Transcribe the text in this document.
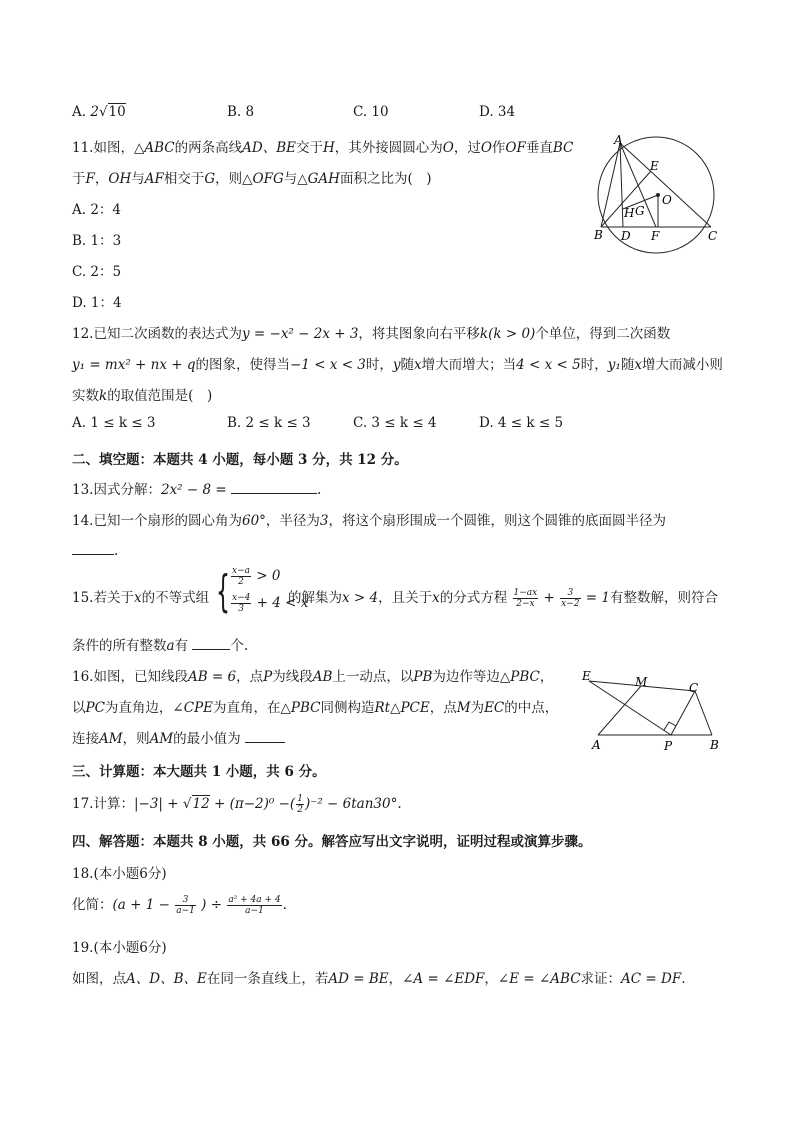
A. 2√10	B. 8	C. 10	D. 34
11.如图，△ABC的两条高线AD、BE交于H，其外接圆圆心为O，过O作OF垂直BC
于F，OH与AF相交于G，则△OFG与△GAH面积之比为(　)
A. 2：4
B. 1：3
C. 2：5
D. 1：4
A
E
O
H G
B D F	C
12.已知二次函数的表达式为y = −x² − 2x + 3，将其图象向右平移k(k > 0)个单位，得到二次函数
y₁ = mx² + nx + q的图象，使得当−1 < x < 3时，y随x增大而增大；当4 < x < 5时，y₁随x增大而减小则
实数k的取值范围是(　)
A. 1 ≤ k ≤ 3	B. 2 ≤ k ≤ 3	C. 3 ≤ k ≤ 4	D. 4 ≤ k ≤ 5
二、填空题：本题共 4 小题，每小题 3 分，共 12 分。
13.因式分解：2x² − 8 =	.
14.已知一个扇形的圆心角为60°，半径为3，将这个扇形围成一个圆锥，则这个圆锥的底面圆半径为
.
15.若关于x的不等式组 { $\frac{x-a}{2} > 0$
$\frac{x-4}{3} + 4 < x$
的解集为x > 4，且关于x的分式方程 $\frac{1-ax}{2-x} + \frac{3}{x-2} = 1$有整数解，则符合
条件的所有整数a有	个.
16.如图，已知线段AB = 6，点P为线段AB上一动点，以PB为边作等边△PBC，
以PC为直角边，∠CPE为直角，在△PBC同侧构造Rt△PCE，点M为EC的中点，
连接AM，则AM的最小值为
E	M	C
A	P	B
三、计算题：本大题共 1 小题，共 6 分。
17.计算：|−3| + √12 + (π−2)⁰ −( $\frac{1}{2} )^{-2} - 6\tan 30^\circ$.
四、解答题：本题共 8 小题，共 66 分。解答应写出文字说明，证明过程或演算步骤。
18.(本小题6分)
化简：($a + 1 - \frac{3}{a-1}$ ) ÷ $\frac{\text{a² + 4a + 4}}{a-1}$ .
19.(本小题6分)
如图，点A、D、B、E在同一条直线上，若AD = BE，∠A = ∠EDF，∠E = ∠ABC求证：AC = DF.
